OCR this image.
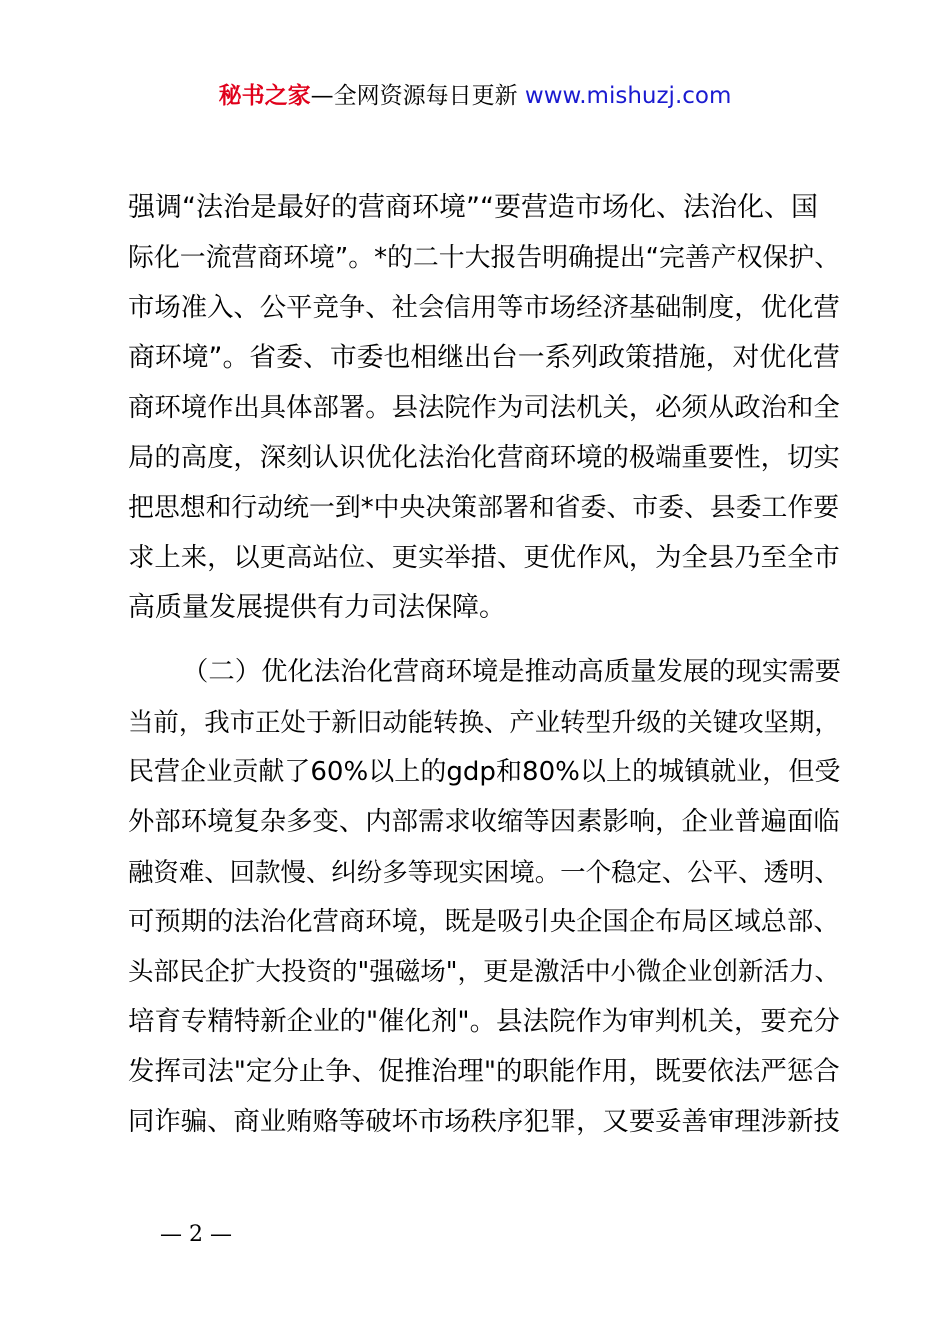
秘书之家—全网资源每日更新 www.mishuzj.com
强调“法治是最好的营商环境”“要营造市场化、法治化、国
际化一流营商环境”。*的二十大报告明确提出“完善产权保护、
市场准入、公平竞争、社会信用等市场经济基础制度，优化营
商环境”。省委、市委也相继出台一系列政策措施，对优化营
商环境作出具体部署。县法院作为司法机关，必须从政治和全
局的高度，深刻认识优化法治化营商环境的极端重要性，切实
把思想和行动统一到*中央决策部署和省委、市委、县委工作要
求上来，以更高站位、更实举措、更优作风，为全县乃至全市
高质量发展提供有力司法保障。
（二）优化法治化营商环境是推动高质量发展的现实需要
当前，我市正处于新旧动能转换、产业转型升级的关键攻坚期，
民营企业贡献了60%以上的gdp和80%以上的城镇就业，但受
外部环境复杂多变、内部需求收缩等因素影响，企业普遍面临
融资难、回款慢、纠纷多等现实困境。一个稳定、公平、透明、
可预期的法治化营商环境，既是吸引央企国企布局区域总部、
头部民企扩大投资的"强磁场"，更是激活中小微企业创新活力、
培育专精特新企业的"催化剂"。县法院作为审判机关，要充分
发挥司法"定分止争、促推治理"的职能作用，既要依法严惩合
同诈骗、商业贿赂等破坏市场秩序犯罪，又要妥善审理涉新技
— 2 —
